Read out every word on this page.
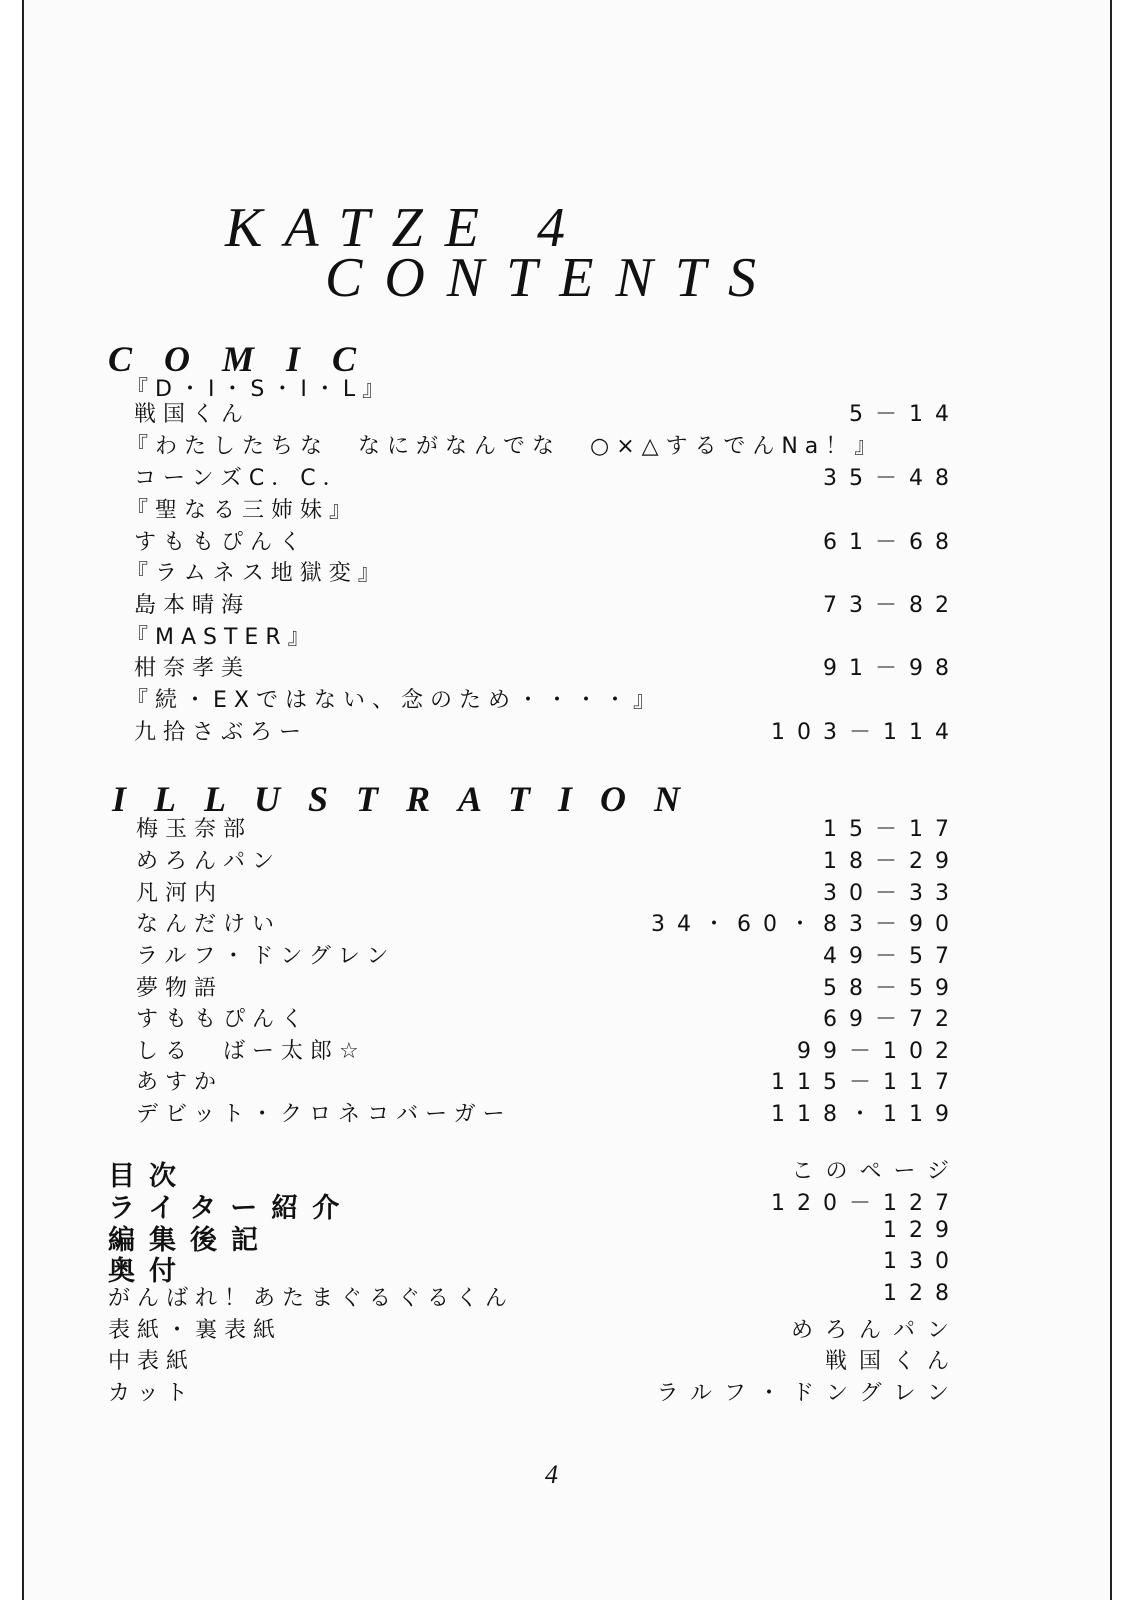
KATZE 4
CONTENTS
COMIC
『D・I・S・I・L』
戦国くん	5－14
『わたしたちな　なにがなんでな　○×△するでんNa！』
コーンズC．C．	35－48
『聖なる三姉妹』
すももぴんく	61－68
『ラムネス地獄変』
島本晴海	73－82
『MASTER』
柑奈孝美	91－98
『続・EXではない、念のため・・・・』
九拾さぶろー	103－114
ILLUSTRATION
梅玉奈部	15－17
めろんパン	18－29
凡河内	30－33
なんだけい	34・60・83－90
ラルフ・ドングレン	49－57
夢物語	58－59
すももぴんく	69－72
しる　ばー太郎☆	99－102
あすか	115－117
デビット・クロネコバーガー	118・119
目次	このページ
ライター紹介	120－127
編集後記	129
奥付	130
がんばれ！あたまぐるぐるくん	128
表紙・裏表紙	めろんパン
中表紙	戦国くん
カット	ラルフ・ドングレン
4
